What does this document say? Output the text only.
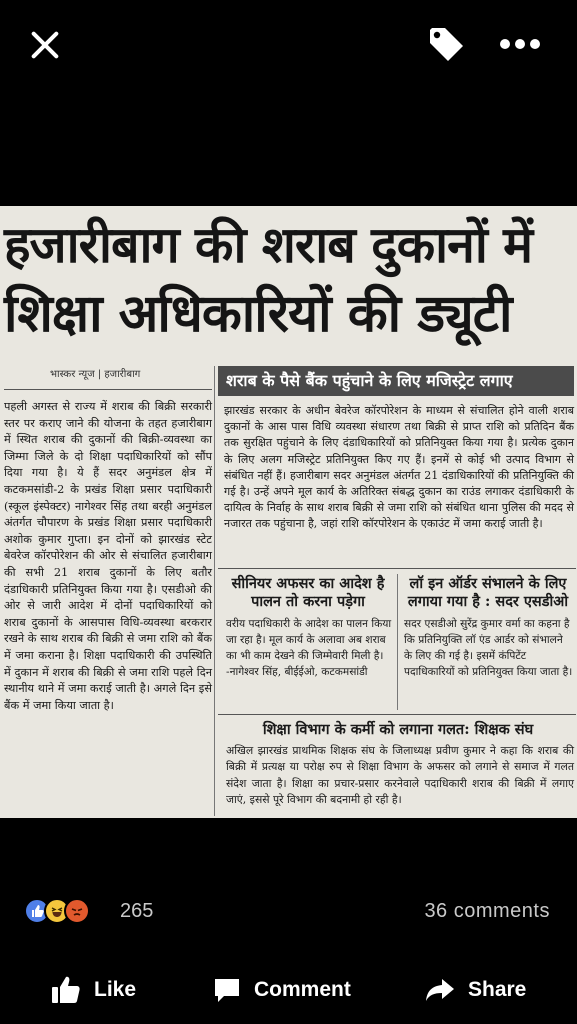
हजारीबाग की शराब दुकानों में
शिक्षा अधिकारियों की ड्यूटी
भास्कर न्यूज | हजारीबाग
पहली अगस्त से राज्य में शराब की बिक्री सरकारी स्तर पर कराए जाने की योजना के तहत हजारीबाग में स्थित शराब की दुकानों की बिक्री-व्यवस्था का जिम्मा जिले के दो शिक्षा पदाधिकारियों को सौंप दिया गया है। ये हैं सदर अनुमंडल क्षेत्र में कटकमसांडी-2 के प्रखंड शिक्षा प्रसार पदाधिकारी (स्कूल इंस्पेक्टर) नागेश्वर सिंह तथा बरही अनुमंडल अंतर्गत चौपारण के प्रखंड शिक्षा प्रसार पदाधिकारी अशोक कुमार गुप्ता। इन दोनों को झारखंड स्टेट बेवरेज कॉरपोरेशन की ओर से संचालित हजारीबाग की सभी 21 शराब दुकानों के लिए बतौर दंडाधिकारी प्रतिनियुक्त किया गया है। एसडीओ की ओर से जारी आदेश में दोनों पदाधिकारियों को शराब दुकानों के आसपास विधि-व्यवस्था बरकरार रखने के साथ शराब की बिक्री से जमा राशि को बैंक में जमा कराना है। शिक्षा पदाधिकारी की उपस्थिति में दुकान में शराब की बिक्री से जमा राशि पहले दिन स्थानीय थाने में जमा कराई जाती है। अगले दिन इसे बैंक में जमा किया जाता है।
शराब के पैसे बैंक पहुंचाने के लिए मजिस्ट्रेट लगाए
झारखंड सरकार के अधीन बेवरेज कॉरपोरेशन के माध्यम से संचालित होने वाली शराब दुकानों के आस पास विधि व्यवस्था संधारण तथा बिक्री से प्राप्त राशि को प्रतिदिन बैंक तक सुरक्षित पहुंचाने के लिए दंडाधिकारियों को प्रतिनियुक्त किया गया है। प्रत्येक दुकान के लिए अलग मजिस्ट्रेट प्रतिनियुक्त किए गए हैं। इनमें से कोई भी उत्पाद विभाग से संबंधित नहीं हैं। हजारीबाग सदर अनुमंडल अंतर्गत 21 दंडाधिकारियों की प्रतिनियुक्ति की गई है। उन्हें अपने मूल कार्य के अतिरिक्त संबद्ध दुकान का राउंड लगाकर दंडाधिकारी के दायित्व के निर्वाह के साथ शराब बिक्री से जमा राशि को संबंधित थाना पुलिस की मदद से नजारत तक पहुंचाना है, जहां राशि कॉरपोरेशन के एकाउंट में जमा कराई जाती है।
सीनियर अफसर का आदेश है पालन तो करना पड़ेगा
वरीय पदाधिकारी के आदेश का पालन किया जा रहा है। मूल कार्य के अलावा अब शराब का भी काम देखने की जिम्मेवारी मिली है। -नागेश्वर सिंह, बीईईओ, कटकमसांडी
लॉ इन ऑर्डर संभालने के लिए लगाया गया है : सदर एसडीओ
सदर एसडीओ सुरेंद्र कुमार वर्मा का कहना है कि प्रतिनियुक्ति लॉ एंड आर्डर को संभालने के लिए की गई है। इसमें कंपिटेंट पदाधिकारियों को प्रतिनियुक्त किया जाता है।
शिक्षा विभाग के कर्मी को लगाना गलत: शिक्षक संघ
अखिल झारखंड प्राथमिक शिक्षक संघ के जिलाध्यक्ष प्रवीण कुमार ने कहा कि शराब की बिक्री में प्रत्यक्ष या परोक्ष रुप से शिक्षा विभाग के अफसर को लगाने से समाज में गलत संदेश जाता है। शिक्षा का प्रचार-प्रसार करनेवाले पदाधिकारी शराब की बिक्री में लगाए जाएं, इससे पूरे विभाग की बदनामी हो रही है।
265	36 comments
Like	Comment	Share
